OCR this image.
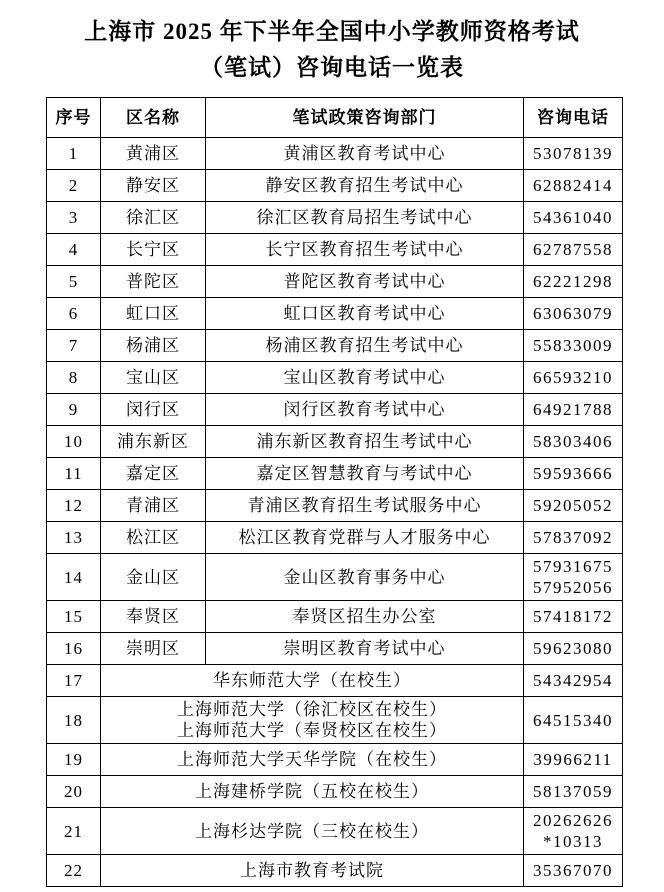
上海市 2025 年下半年全国中小学教师资格考试
（笔试）咨询电话一览表
序号	区名称	笔试政策咨询部门	咨询电话
1	黄浦区	黄浦区教育考试中心	53078139
2	静安区	静安区教育招生考试中心	62882414
3	徐汇区	徐汇区教育局招生考试中心	54361040
4	长宁区	长宁区教育招生考试中心	62787558
5	普陀区	普陀区教育考试中心	62221298
6	虹口区	虹口区教育考试中心	63063079
7	杨浦区	杨浦区教育招生考试中心	55833009
8	宝山区	宝山区教育考试中心	66593210
9	闵行区	闵行区教育考试中心	64921788
10	浦东新区	浦东新区教育招生考试中心	58303406
11	嘉定区	嘉定区智慧教育与考试中心	59593666
12	青浦区	青浦区教育招生考试服务中心	59205052
13	松江区	松江区教育党群与人才服务中心	57837092
14	金山区	金山区教育事务中心	57931675
57952056
15	奉贤区	奉贤区招生办公室	57418172
16	崇明区	崇明区教育考试中心	59623080
17	华东师范大学（在校生）		54342954
18	上海师范大学（徐汇校区在校生）
上海师范大学（奉贤校区在校生）		64515340
19	上海师范大学天华学院（在校生）		39966211
20	上海建桥学院（五校在校生）		58137059
21	上海杉达学院（三校在校生）		20262626
*10313
22	上海市教育考试院		35367070
